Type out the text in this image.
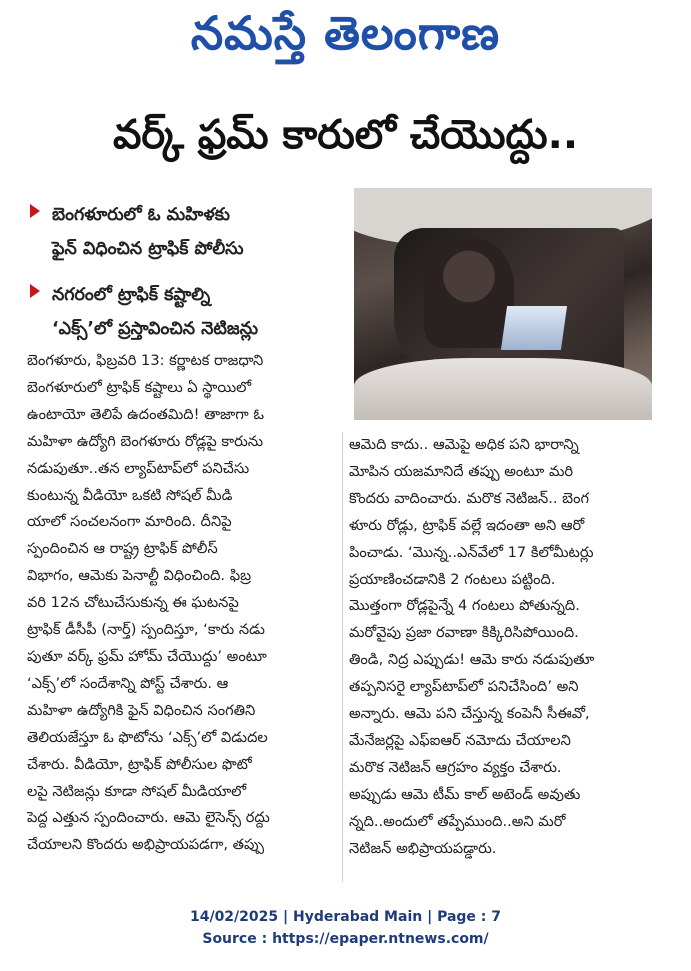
నమస్తే తెలంగాణ
వర్క్ ఫ్రమ్ కారులో చేయొద్దు..
బెంగళూరులో ఓ మహిళకు
ఫైన్ విధించిన ట్రాఫిక్ పోలీసు
నగరంలో ట్రాఫిక్ కష్టాల్ని
‘ఎక్స్’లో ప్రస్తావించిన నెటిజన్లు
బెంగళూరు, ఫిబ్రవరి 13: కర్ణాటక రాజధాని
బెంగళూరులో ట్రాఫిక్ కష్టాలు ఏ స్థాయిలో
ఉంటాయో తెలిపే ఉదంతమిది! తాజాగా ఓ
మహిళా ఉద్యోగి బెంగళూరు రోడ్లపై కారును
నడుపుతూ..తన ల్యాప్‌టాప్‌లో పనిచేసు
కుంటున్న వీడియో ఒకటి సోషల్ మీడి
యాలో సంచలనంగా మారింది. దీనిపై
స్పందించిన ఆ రాష్ట్ర ట్రాఫిక్ పోలీస్
విభాగం, ఆమెకు పెనాల్టీ విధించింది. ఫిబ్ర
వరి 12న చోటుచేసుకున్న ఈ ఘటనపై
ట్రాఫిక్ డీసీపీ (నార్త్) స్పందిస్తూ, ‘కారు నడు
పుతూ వర్క్ ఫ్రమ్ హోమ్ చేయొద్దు’ అంటూ
‘ఎక్స్’లో సందేశాన్ని పోస్ట్ చేశారు. ఆ
మహిళా ఉద్యోగికి ఫైన్ విధించిన సంగతిని
తెలియజేస్తూ ఓ ఫొటోను ‘ఎక్స్’లో విడుదల
చేశారు. వీడియో, ట్రాఫిక్ పోలీసుల ఫొటో
లపై నెటిజన్లు కూడా సోషల్ మీడియాలో
పెద్ద ఎత్తున స్పందించారు. ఆమె లైసెన్స్ రద్దు
చేయాలని కొందరు అభిప్రాయపడగా, తప్పు
ఆమెది కాదు.. ఆమెపై అధిక పని భారాన్ని
మోపిన యజమానిదే తప్పు అంటూ మరి
కొందరు వాదించారు. మరొక నెటిజన్.. బెంగ
ళూరు రోడ్లు, ట్రాఫిక్ వల్లే ఇదంతా అని ఆరో
పించాడు. ‘మొన్న..ఎన్‌వేలో 17 కిలోమీటర్లు
ప్రయాణించడానికి 2 గంటలు పట్టింది.
మొత్తంగా రోడ్లపైన్నే 4 గంటలు పోతున్నది.
మరోవైపు ప్రజా రవాణా కిక్కిరిసిపోయింది.
తిండి, నిద్ర ఎప్పుడు! ఆమె కారు నడుపుతూ
తప్పనిసరై ల్యాప్‌టాప్‌లో పనిచేసింది’ అని
అన్నారు. ఆమె పని చేస్తున్న కంపెనీ సీఈవో,
మేనేజర్లపై ఎఫ్ఐఆర్ నమోదు చేయాలని
మరొక నెటిజన్ ఆగ్రహం వ్యక్తం చేశారు.
అప్పుడు ఆమె టీమ్ కాల్ అటెండ్ అవుతు
న్నది..అందులో తప్పేముంది..అని మరో
నెటిజన్ అభిప్రాయపడ్డారు.
14/02/2025 | Hyderabad Main | Page : 7
Source : https://epaper.ntnews.com/
